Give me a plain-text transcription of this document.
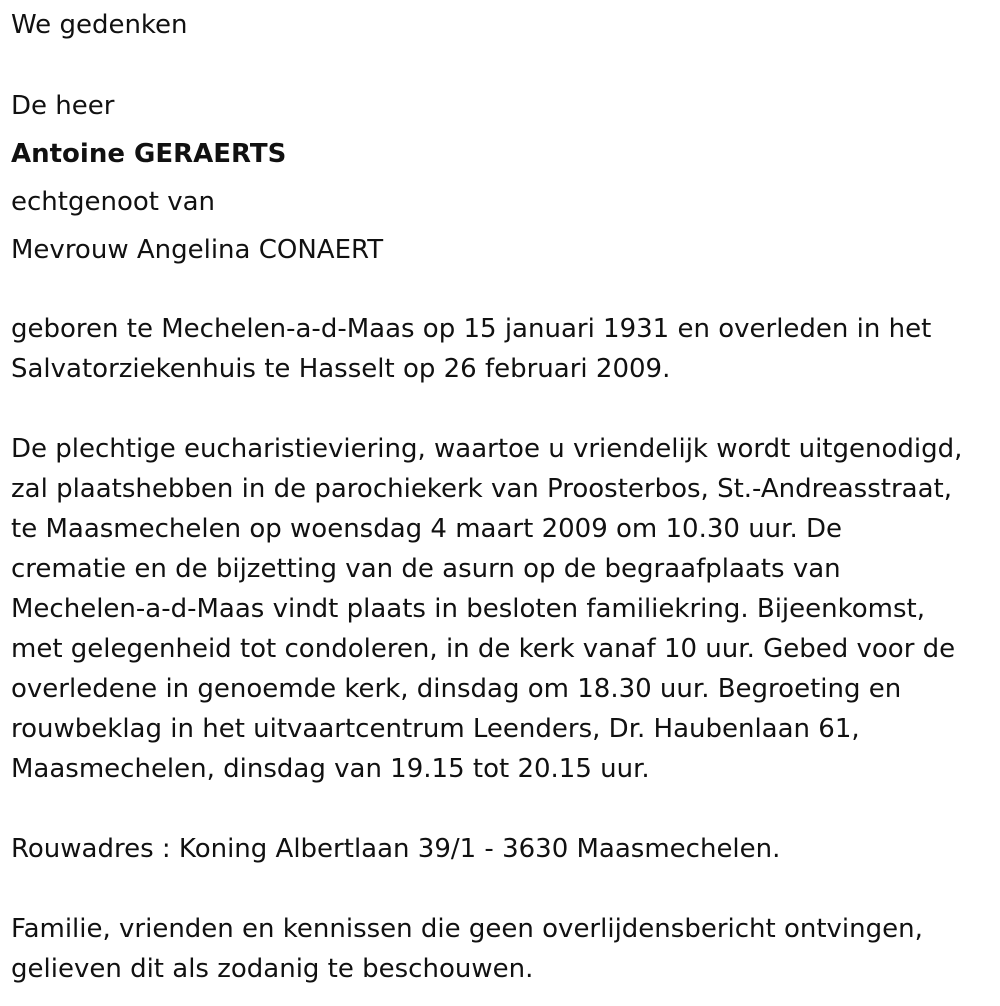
We gedenken
De heer
Antoine GERAERTS
echtgenoot van
Mevrouw Angelina CONAERT
geboren te Mechelen-a-d-Maas op 15 januari 1931 en overleden in het
Salvatorziekenhuis te Hasselt op 26 februari 2009.
De plechtige eucharistieviering, waartoe u vriendelijk wordt uitgenodigd,
zal plaatshebben in de parochiekerk van Proosterbos, St.-Andreasstraat,
te Maasmechelen op woensdag 4 maart 2009 om 10.30 uur. De
crematie en de bijzetting van de asurn op de begraafplaats van
Mechelen-a-d-Maas vindt plaats in besloten familiekring. Bijeenkomst,
met gelegenheid tot condoleren, in de kerk vanaf 10 uur. Gebed voor de
overledene in genoemde kerk, dinsdag om 18.30 uur. Begroeting en
rouwbeklag in het uitvaartcentrum Leenders, Dr. Haubenlaan 61,
Maasmechelen, dinsdag van 19.15 tot 20.15 uur.
Rouwadres : Koning Albertlaan 39/1 - 3630 Maasmechelen.
Familie, vrienden en kennissen die geen overlijdensbericht ontvingen,
gelieven dit als zodanig te beschouwen.
